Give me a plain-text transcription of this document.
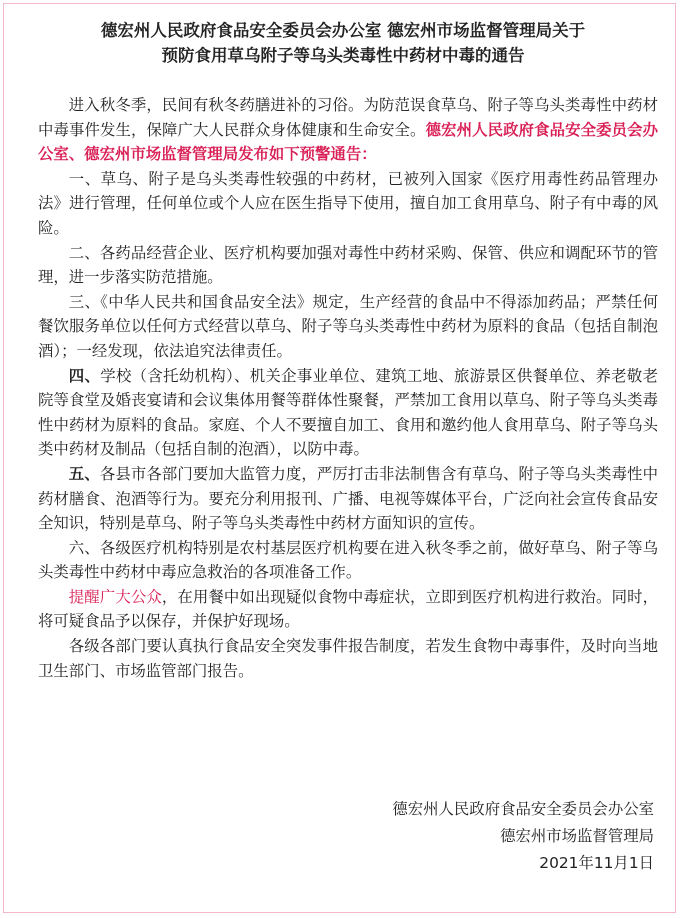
德宏州人民政府食品安全委员会办公室 德宏州市场监督管理局关于
预防食用草乌附子等乌头类毒性中药材中毒的通告

进入秋冬季，民间有秋冬药膳进补的习俗。为防范误食草乌、附子等乌头类毒性中药材中毒事件发生，保障广大人民群众身体健康和生命安全。德宏州人民政府食品安全委员会办公室、德宏州市场监督管理局发布如下预警通告：

一、草乌、附子是乌头类毒性较强的中药材，已被列入国家《医疗用毒性药品管理办法》进行管理，任何单位或个人应在医生指导下使用，擅自加工食用草乌、附子有中毒的风险。

二、各药品经营企业、医疗机构要加强对毒性中药材采购、保管、供应和调配环节的管理，进一步落实防范措施。

三、《中华人民共和国食品安全法》规定，生产经营的食品中不得添加药品；严禁任何餐饮服务单位以任何方式经营以草乌、附子等乌头类毒性中药材为原料的食品（包括自制泡酒）；一经发现，依法追究法律责任。

四、学校（含托幼机构）、机关企事业单位、建筑工地、旅游景区供餐单位、养老敬老院等食堂及婚丧宴请和会议集体用餐等群体性聚餐，严禁加工食用以草乌、附子等乌头类毒性中药材为原料的食品。家庭、个人不要擅自加工、食用和邀约他人食用草乌、附子等乌头类中药材及制品（包括自制的泡酒），以防中毒。

五、各县市各部门要加大监管力度，严厉打击非法制售含有草乌、附子等乌头类毒性中药材膳食、泡酒等行为。要充分利用报刊、广播、电视等媒体平台，广泛向社会宣传食品安全知识，特别是草乌、附子等乌头类毒性中药材方面知识的宣传。

六、各级医疗机构特别是农村基层医疗机构要在进入秋冬季之前，做好草乌、附子等乌头类毒性中药材中毒应急救治的各项准备工作。

提醒广大公众，在用餐中如出现疑似食物中毒症状，立即到医疗机构进行救治。同时，将可疑食品予以保存，并保护好现场。

各级各部门要认真执行食品安全突发事件报告制度，若发生食物中毒事件，及时向当地卫生部门、市场监管部门报告。

德宏州人民政府食品安全委员会办公室
德宏州市场监督管理局
2021年11月1日
